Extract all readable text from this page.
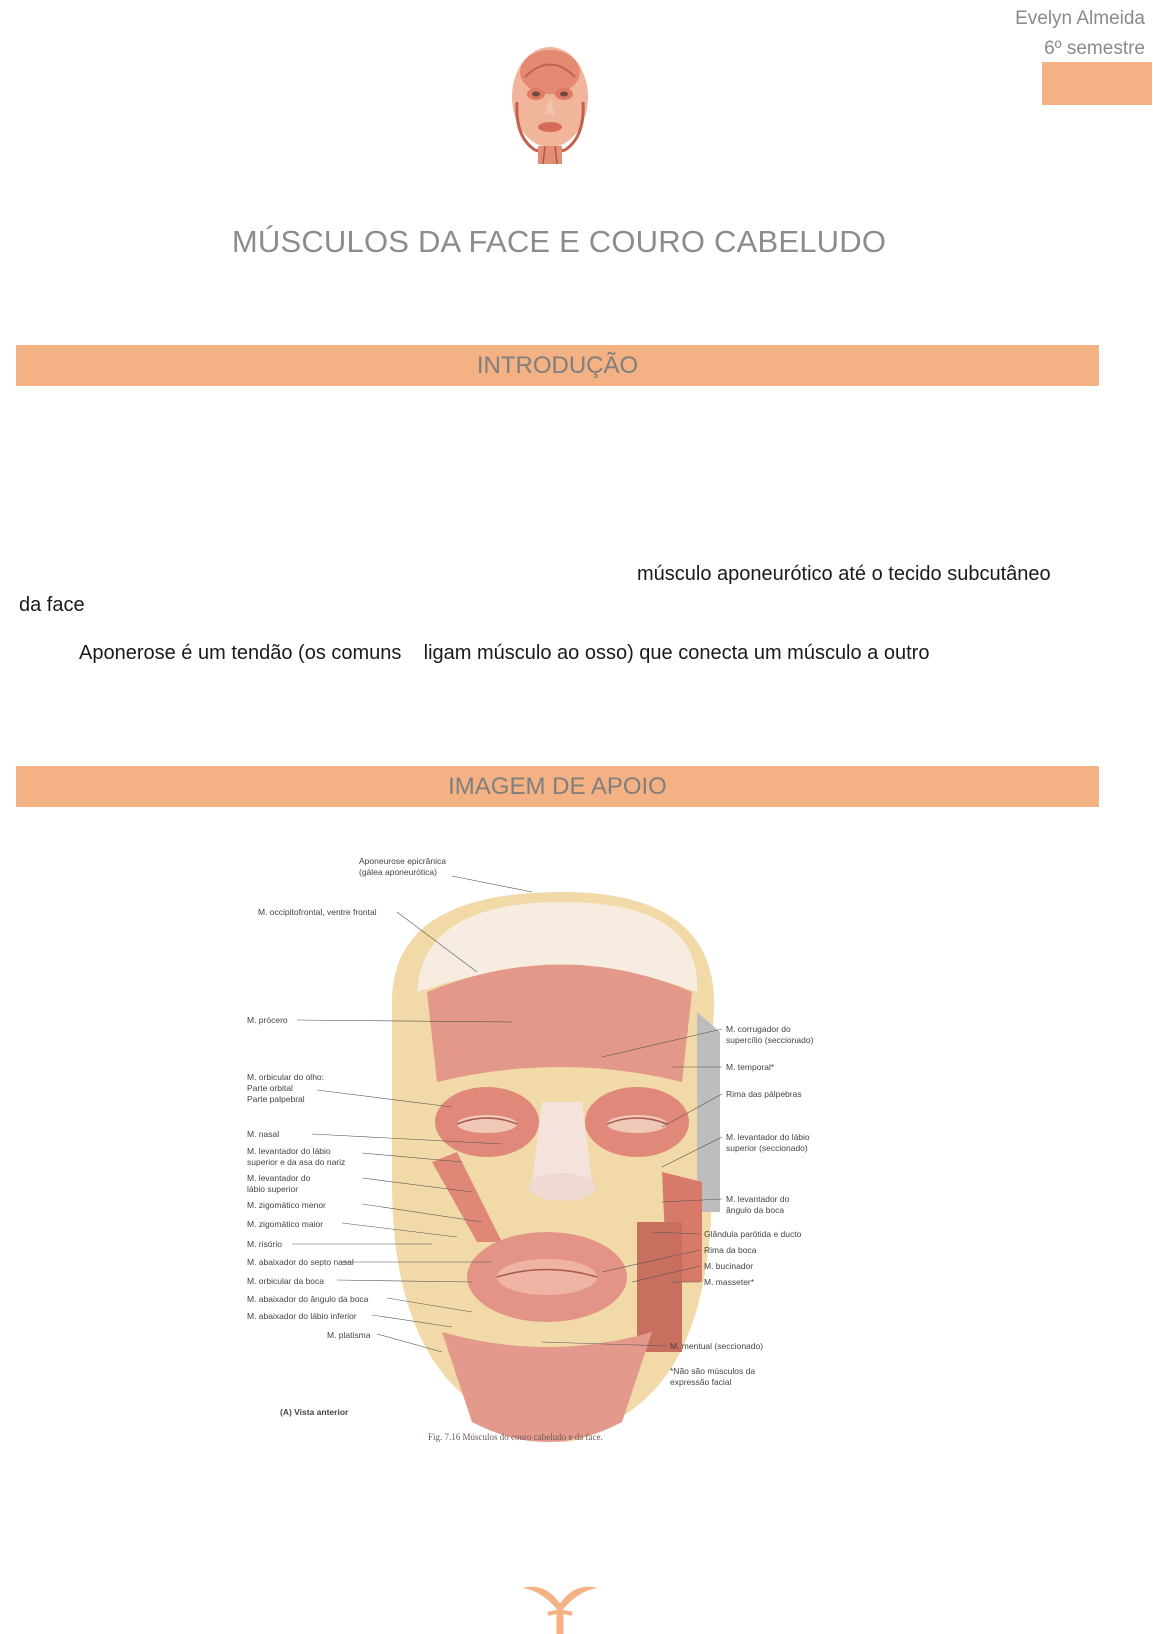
Evelyn Almeida
6º semestre
MÚSCULOS DA FACE E COURO CABELUDO
INTRODUÇÃO
músculo aponeurótico até o tecido subcutâneo
da face
Aponerose é um tendão (os comuns    ligam músculo ao osso) que conecta um músculo a outro
IMAGEM DE APOIO
Aponeurose epicrânica
(gálea aponeurótica)
M. occipitofrontal, ventre frontal
M. prócero
M. orbicular do olho:
Parte orbital
Parte palpebral
M. nasal
M. levantador do lábio
superior e da asa do nariz
M. levantador do
lábio superior
M. zigomático menor
M. zigomático maior
M. risório
M. abaixador do septo nasal
M. orbicular da boca
M. abaixador do ângulo da boca
M. abaixador do lábio inferior
M. platisma
M. corrugador do
supercílio (seccionado)
M. temporal*
Rima das pálpebras
M. levantador do lábio
superior (seccionado)
M. levantador do
ângulo da boca
Glândula parótida e ducto
Rima da boca
M. bucinador
M. masseter*
M. mentual (seccionado)
*Não são músculos da
expressão facial
(A) Vista anterior
Fig. 7.16 Músculos do couro cabeludo e da face.
